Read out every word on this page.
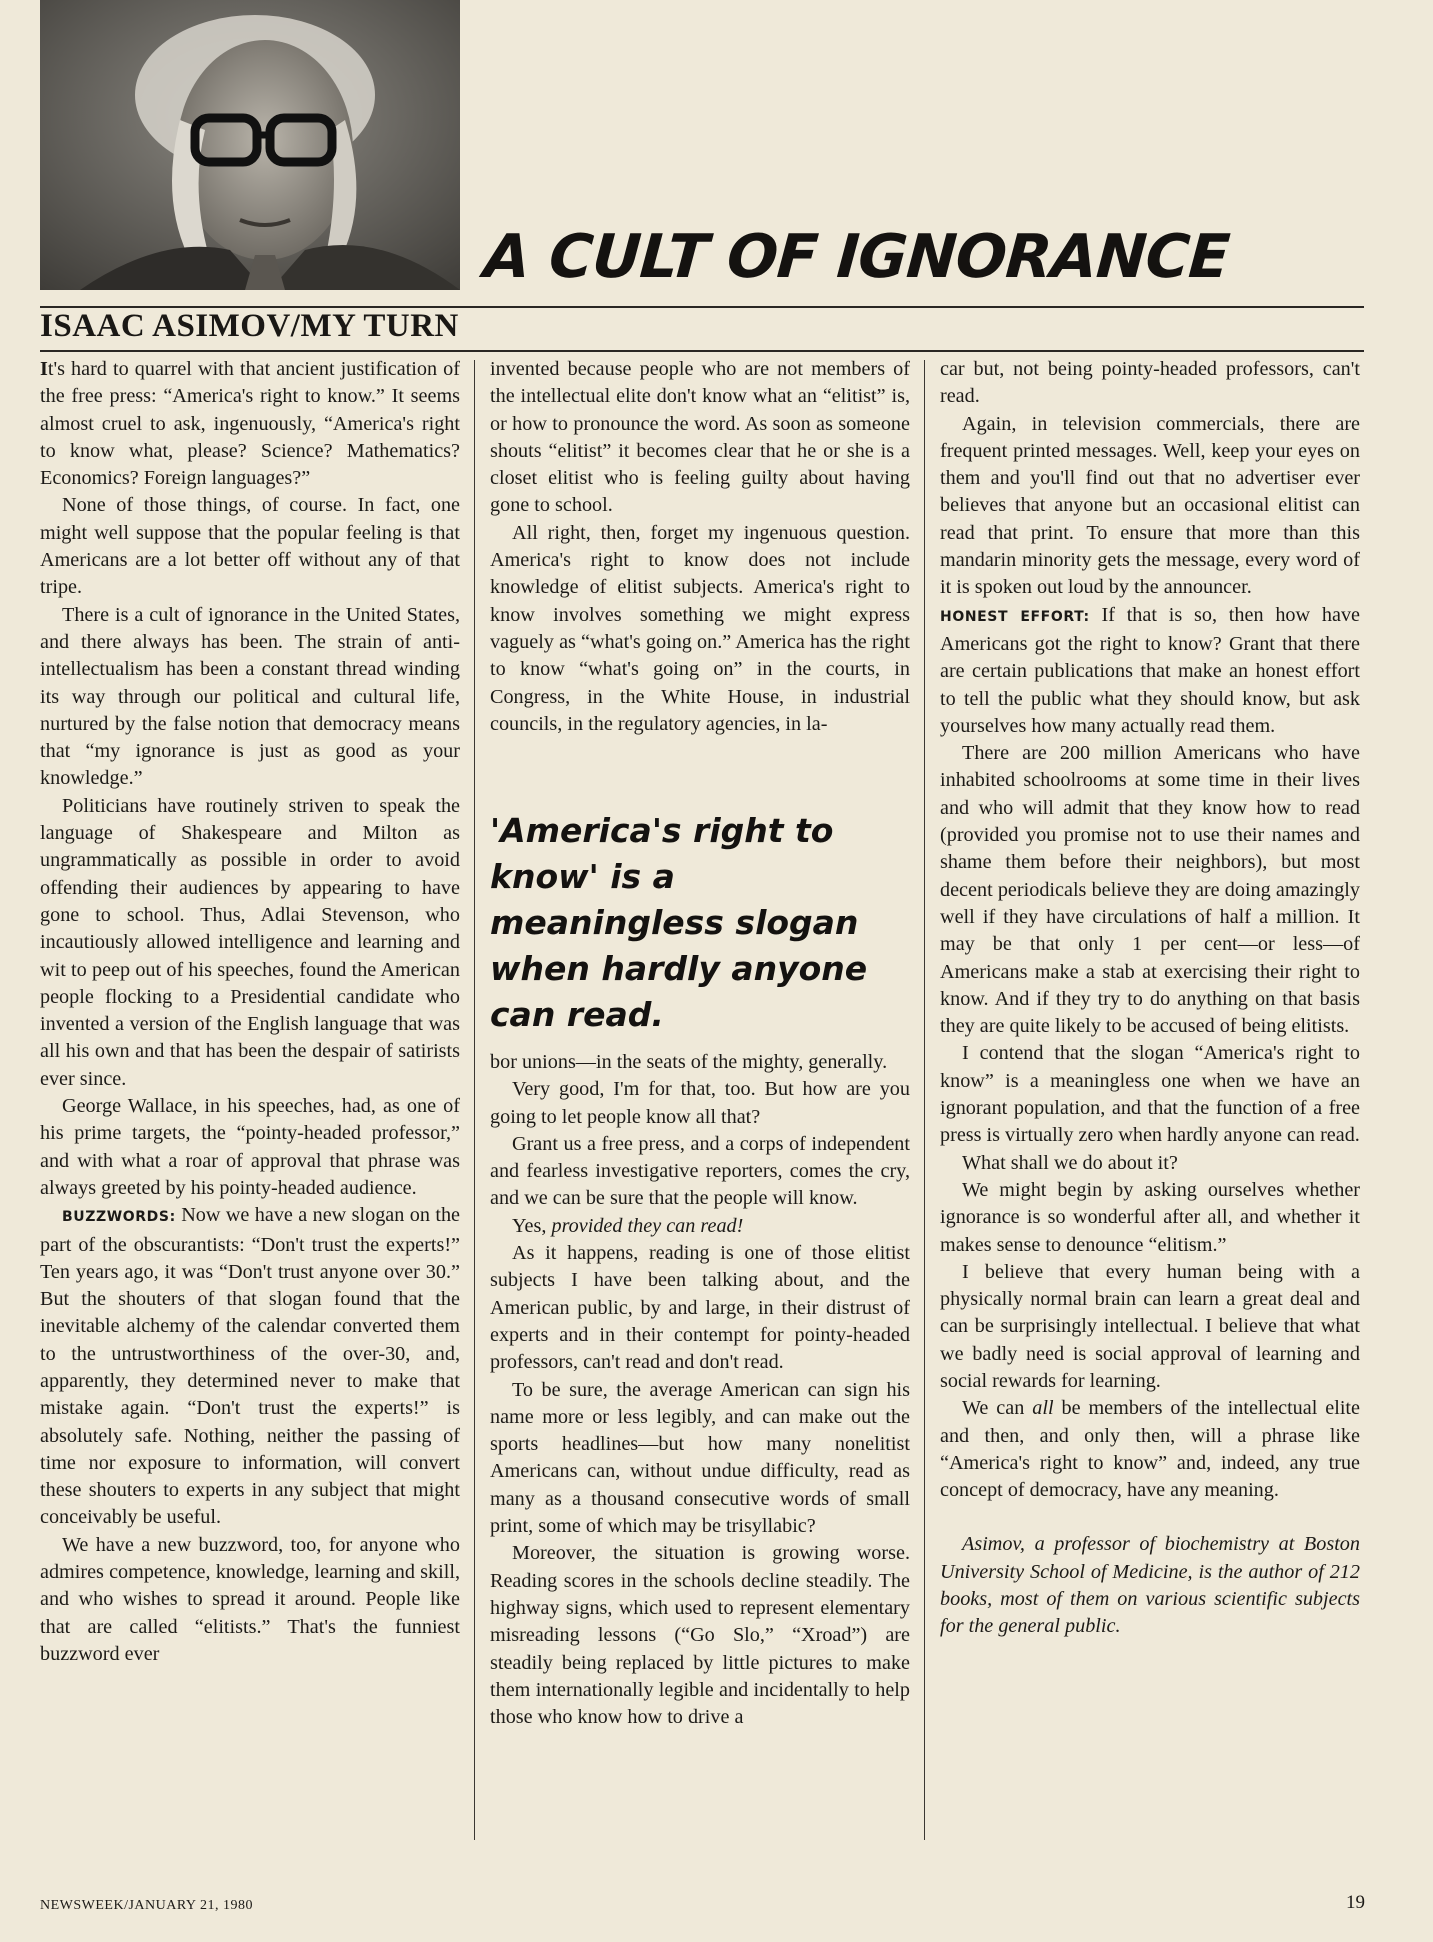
A CULT OF IGNORANCE
ISAAC ASIMOV/MY TURN

It's hard to quarrel with that ancient justification of the free press: “America's right to know.” It seems almost cruel to ask, ingenuously, “America's right to know what, please? Science? Mathematics? Economics? Foreign languages?”

None of those things, of course. In fact, one might well suppose that the popular feeling is that Americans are a lot better off without any of that tripe.

There is a cult of ignorance in the United States, and there always has been. The strain of anti-intellectualism has been a constant thread winding its way through our political and cultural life, nurtured by the false notion that democracy means that “my ignorance is just as good as your knowledge.”

Politicians have routinely striven to speak the language of Shakespeare and Milton as ungrammatically as possible in order to avoid offending their audiences by appearing to have gone to school. Thus, Adlai Stevenson, who incautiously allowed intelligence and learning and wit to peep out of his speeches, found the American people flocking to a Presidential candidate who invented a version of the English language that was all his own and that has been the despair of satirists ever since.

George Wallace, in his speeches, had, as one of his prime targets, the “pointy-headed professor,” and with what a roar of approval that phrase was always greeted by his pointy-headed audience.

BUZZWORDS: Now we have a new slogan on the part of the obscurantists: “Don't trust the experts!” Ten years ago, it was “Don't trust anyone over 30.” But the shouters of that slogan found that the inevitable alchemy of the calendar converted them to the untrustworthiness of the over-30, and, apparently, they determined never to make that mistake again. “Don't trust the experts!” is absolutely safe. Nothing, neither the passing of time nor exposure to information, will convert these shouters to experts in any subject that might conceivably be useful.

We have a new buzzword, too, for anyone who admires competence, knowledge, learning and skill, and who wishes to spread it around. People like that are called “elitists.” That's the funniest buzzword ever

invented because people who are not members of the intellectual elite don't know what an “elitist” is, or how to pronounce the word. As soon as someone shouts “elitist” it becomes clear that he or she is a closet elitist who is feeling guilty about having gone to school.

All right, then, forget my ingenuous question. America's right to know does not include knowledge of elitist subjects. America's right to know involves something we might express vaguely as “what's going on.” America has the right to know “what's going on” in the courts, in Congress, in the White House, in industrial councils, in the regulatory agencies, in la-

'America's right to know' is a meaningless slogan when hardly anyone can read.

bor unions—in the seats of the mighty, generally.

Very good, I'm for that, too. But how are you going to let people know all that?

Grant us a free press, and a corps of independent and fearless investigative reporters, comes the cry, and we can be sure that the people will know.

Yes, provided they can read!

As it happens, reading is one of those elitist subjects I have been talking about, and the American public, by and large, in their distrust of experts and in their contempt for pointy-headed professors, can't read and don't read.

To be sure, the average American can sign his name more or less legibly, and can make out the sports headlines—but how many nonelitist Americans can, without undue difficulty, read as many as a thousand consecutive words of small print, some of which may be trisyllabic?

Moreover, the situation is growing worse. Reading scores in the schools decline steadily. The highway signs, which used to represent elementary misreading lessons (“Go Slo,” “Xroad”) are steadily being replaced by little pictures to make them internationally legible and incidentally to help those who know how to drive a

car but, not being pointy-headed professors, can't read.

Again, in television commercials, there are frequent printed messages. Well, keep your eyes on them and you'll find out that no advertiser ever believes that anyone but an occasional elitist can read that print. To ensure that more than this mandarin minority gets the message, every word of it is spoken out loud by the announcer.

HONEST EFFORT: If that is so, then how have Americans got the right to know? Grant that there are certain publications that make an honest effort to tell the public what they should know, but ask yourselves how many actually read them.

There are 200 million Americans who have inhabited schoolrooms at some time in their lives and who will admit that they know how to read (provided you promise not to use their names and shame them before their neighbors), but most decent periodicals believe they are doing amazingly well if they have circulations of half a million. It may be that only 1 per cent—or less—of Americans make a stab at exercising their right to know. And if they try to do anything on that basis they are quite likely to be accused of being elitists.

I contend that the slogan “America's right to know” is a meaningless one when we have an ignorant population, and that the function of a free press is virtually zero when hardly anyone can read.

What shall we do about it?

We might begin by asking ourselves whether ignorance is so wonderful after all, and whether it makes sense to denounce “elitism.”

I believe that every human being with a physically normal brain can learn a great deal and can be surprisingly intellectual. I believe that what we badly need is social approval of learning and social rewards for learning.

We can all be members of the intellectual elite and then, and only then, will a phrase like “America's right to know” and, indeed, any true concept of democracy, have any meaning.

Asimov, a professor of biochemistry at Boston University School of Medicine, is the author of 212 books, most of them on various scientific subjects for the general public.

NEWSWEEK/JANUARY 21, 1980	19
